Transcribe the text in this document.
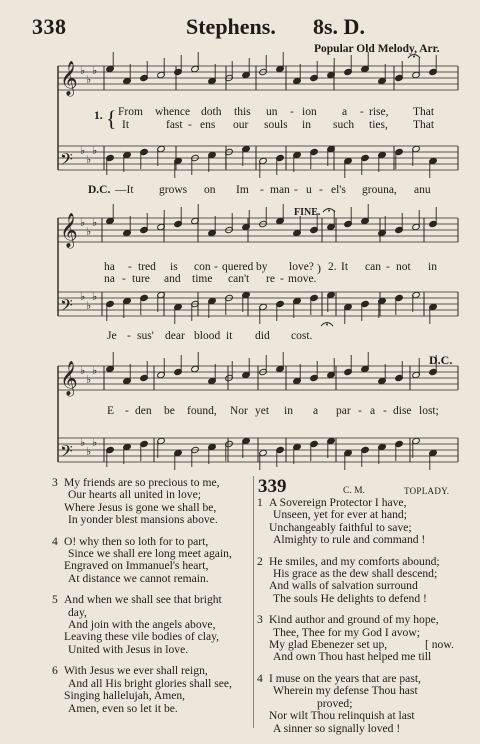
338	Stephens. 8s. D.
Popular Old Melody, Arr.
𝄞 ♭
♭
♭
𝄢 ♭
♭
♭
𝄞 ♭
♭
♭
𝄢 ♭
♭
♭
𝄞 ♭
♭
♭
𝄢 ♭
♭
♭
1. From whence doth this un - ion a - rise, That
{ It	fast - ens our souls in such ties, That
D.C. —It grows on Im - man - u - el's grouna, anu
FINE.
ha - tred is con - quered by love? 2. It can - not in
)
na - ture and time can't re - move.
Je - sus' dear blood it did cost.
D.C.
E - den be found, Nor yet in a par - a - dise lost;
3 My friends are so precious to me,
Our hearts all united in love;
Where Jesus is gone we shall be,
In yonder blest mansions above.
4 O! why then so loth for to part,
Since we shall ere long meet again,
Engraved on Immanuel's heart,
At distance we cannot remain.
5 And when we shall see that bright
day,
And join with the angels above,
Leaving these vile bodies of clay,
United with Jesus in love.
6 With Jesus we ever shall reign,
And all His bright glories shall see,
Singing hallelujah, Amen,
Amen, even so let it be.
339	C. M.	TOPLADY.
1 A Sovereign Protector I have,
Unseen, yet for ever at hand;
Unchangeably faithful to save;
Almighty to rule and command !
2 He smiles, and my comforts abound;
His grace as the dew shall descend;
And walls of salvation surround
The souls He delights to defend !
3 Kind author and ground of my hope,
Thee, Thee for my God I avow;
My glad Ebenezer set up,	[ now.
And own Thou hast helped me till
4 I muse on the years that are past,
Wherein my defense Thou hast
proved;
Nor wilt Thou relinquish at last
A sinner so signally loved !
